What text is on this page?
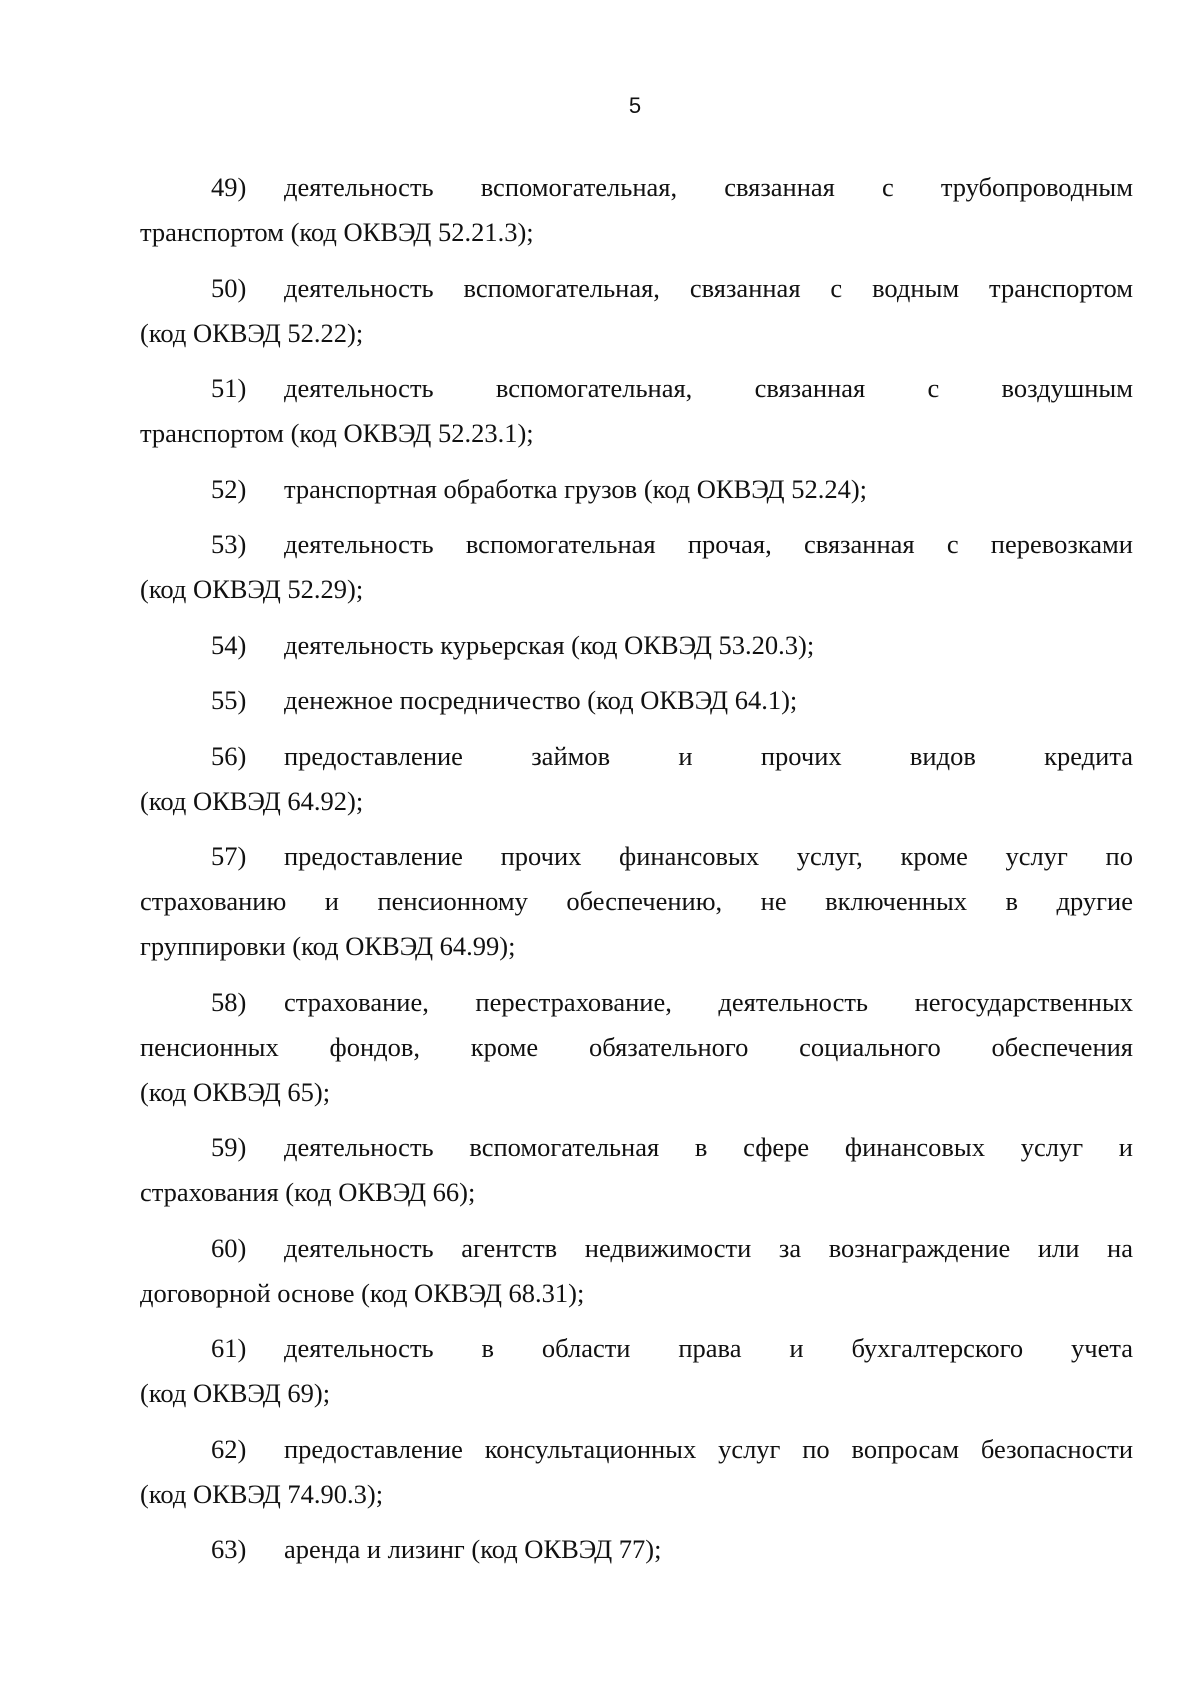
5
49) деятельность вспомогательная, связанная с трубопроводным
транспортом (код ОКВЭД 52.21.3);
50) деятельность вспомогательная, связанная с водным транспортом
(код ОКВЭД 52.22);
51) деятельность вспомогательная, связанная с воздушным
транспортом (код ОКВЭД 52.23.1);
52) транспортная обработка грузов (код ОКВЭД 52.24);
53) деятельность вспомогательная прочая, связанная с перевозками
(код ОКВЭД 52.29);
54) деятельность курьерская (код ОКВЭД 53.20.3);
55) денежное посредничество (код ОКВЭД 64.1);
56) предоставление займов и прочих видов кредита
(код ОКВЭД 64.92);
57) предоставление прочих финансовых услуг, кроме услуг по
страхованию и пенсионному обеспечению, не включенных в другие
группировки (код ОКВЭД 64.99);
58) страхование, перестрахование, деятельность негосударственных
пенсионных фондов, кроме обязательного социального обеспечения
(код ОКВЭД 65);
59) деятельность вспомогательная в сфере финансовых услуг и
страхования (код ОКВЭД 66);
60) деятельность агентств недвижимости за вознаграждение или на
договорной основе (код ОКВЭД 68.31);
61) деятельность в области права и бухгалтерского учета
(код ОКВЭД 69);
62) предоставление консультационных услуг по вопросам безопасности
(код ОКВЭД 74.90.3);
63) аренда и лизинг (код ОКВЭД 77);
